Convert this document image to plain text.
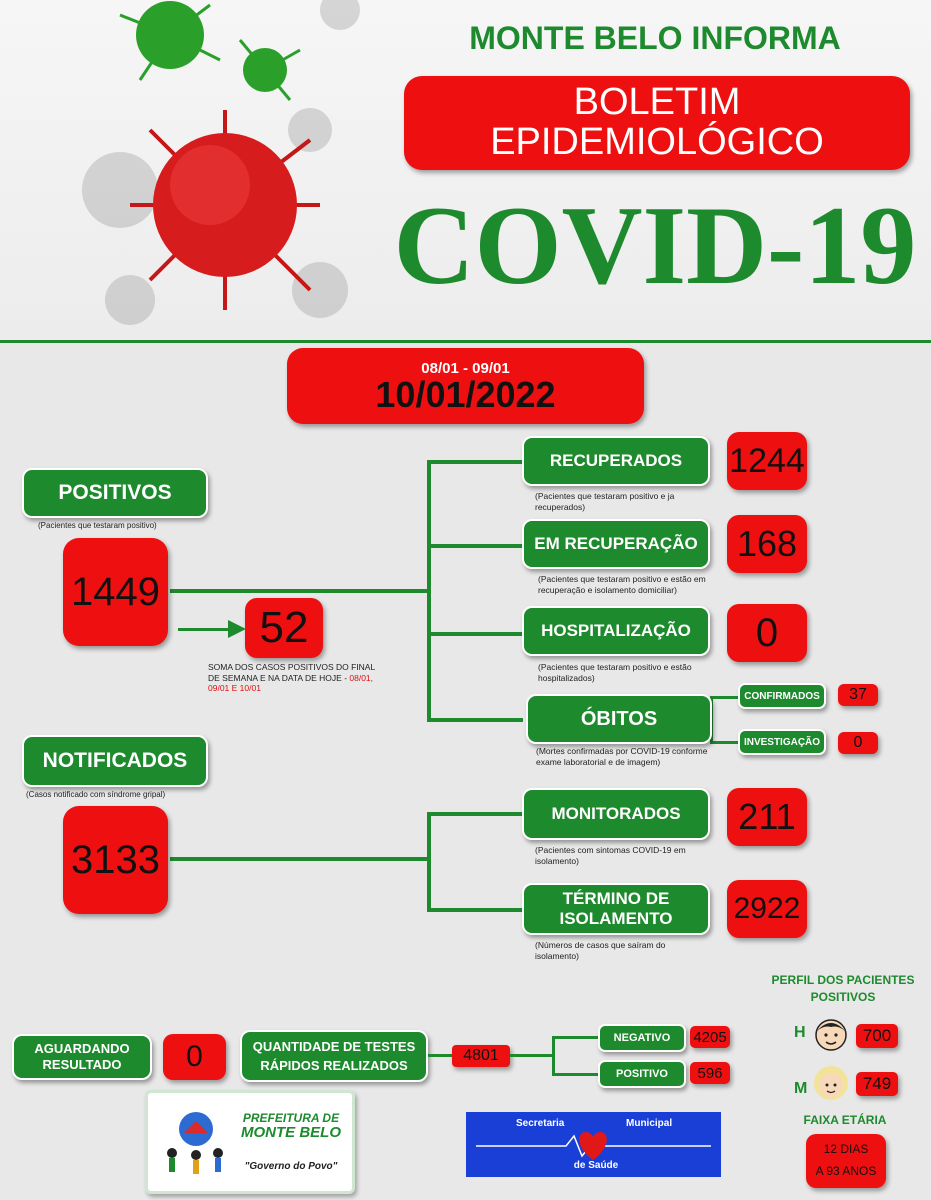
MONTE BELO INFORMA
BOLETIM
EPIDEMIOLÓGICO
COVID-19
08/01 - 09/01
10/01/2022
POSITIVOS
(Pacientes que testaram positivo)
1449
52
SOMA DOS CASOS POSITIVOS DO FINAL DE SEMANA E NA DATA DE HOJE - 08/01, 09/01 E 10/01
NOTIFICADOS
(Casos notificado com síndrome gripal)
3133
RECUPERADOS	1244
(Pacientes que testaram positivo e ja recuperados)
EM RECUPERAÇÃO	168
(Pacientes que testaram positivo e estão em recuperação e isolamento domiciliar)
HOSPITALIZAÇÃO	0
(Pacientes que testaram positivo e estão hospitalizados)
ÓBITOS
(Mortes confirmadas por COVID-19 conforme exame laboratorial e de imagem)
CONFIRMADOS	37
INVESTIGAÇÃO	0
MONITORADOS	211
(Pacientes com sintomas COVID-19 em isolamento)
TÉRMINO DE
ISOLAMENTO 2922
(Números de casos que saíram do isolamento)
PERFIL DOS PACIENTES
POSITIVOS
H	700
M	749
FAIXA ETÁRIA
12 DIAS
A 93 ANOS
AGUARDANDO
RESULTADO	0	QUANTIDADE DE TESTES
RÁPIDOS REALIZADOS
4801
NEGATIVO	4205
POSITIVO	596
PREFEITURA DE
MONTE BELO
"Governo do Povo"
Secretaria	Municipal
de Saúde
